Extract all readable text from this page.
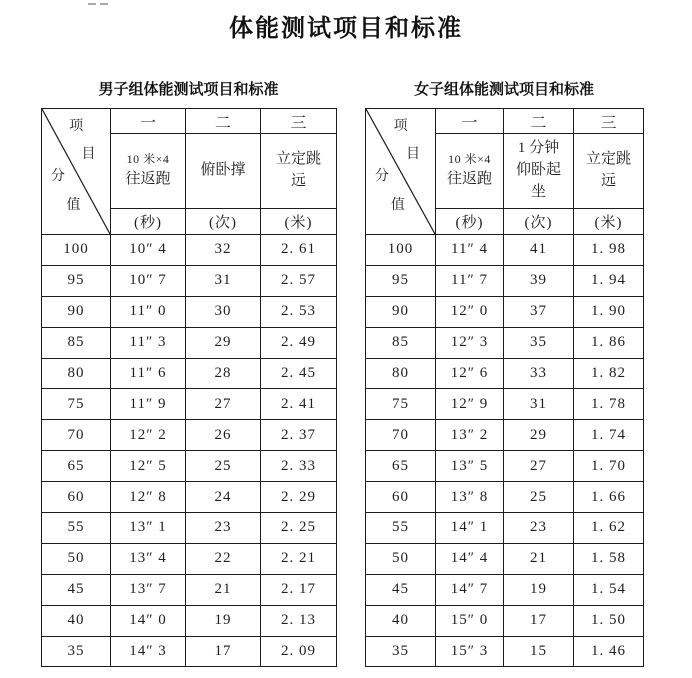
体能测试项目和标准
男子组体能测试项目和标准
项
目
分
值	一	二	三

	10 米×4
往返跑	俯卧撑	立定跳
远

	(秒)	(次)	(米)
100	10″ 4	32	2. 61
95	10″ 7	31	2. 57
90	11″ 0	30	2. 53
85	11″ 3	29	2. 49
80	11″ 6	28	2. 45
75	11″ 9	27	2. 41
70	12″ 2	26	2. 37
65	12″ 5	25	2. 33
60	12″ 8	24	2. 29
55	13″ 1	23	2. 25
50	13″ 4	22	2. 21
45	13″ 7	21	2. 17
40	14″ 0	19	2. 13
35	14″ 3	17	2. 09
女子组体能测试项目和标准
项
目
分
值	一	二	三

	10 米×4
往返跑	1 分钟
仰卧起
坐	立定跳
远

	(秒)	(次)	(米)
100	11″ 4	41	1. 98
95	11″ 7	39	1. 94
90	12″ 0	37	1. 90
85	12″ 3	35	1. 86
80	12″ 6	33	1. 82
75	12″ 9	31	1. 78
70	13″ 2	29	1. 74
65	13″ 5	27	1. 70
60	13″ 8	25	1. 66
55	14″ 1	23	1. 62
50	14″ 4	21	1. 58
45	14″ 7	19	1. 54
40	15″ 0	17	1. 50
35	15″ 3	15	1. 46
